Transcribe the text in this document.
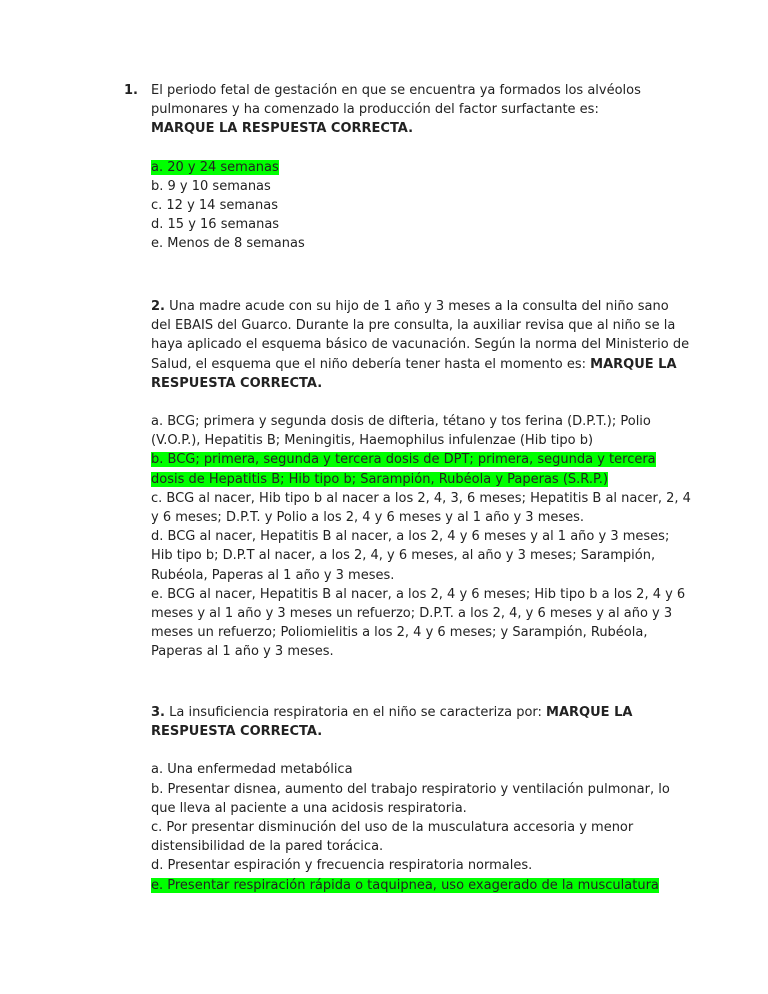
1. El periodo fetal de gestación en que se encuentra ya formados los alvéolos pulmonares y ha comenzado la producción del factor surfactante es: MARQUE LA RESPUESTA CORRECTA.

a. 20 y 24 semanas

b. 9 y 10 semanas

c. 12 y 14 semanas

d. 15 y 16 semanas

e. Menos de 8 semanas

2. Una madre acude con su hijo de 1 año y 3 meses a la consulta del niño sano del EBAIS del Guarco. Durante la pre consulta, la auxiliar revisa que al niño se la haya aplicado el esquema básico de vacunación. Según la norma del Ministerio de Salud, el esquema que el niño debería tener hasta el momento es: MARQUE LA RESPUESTA CORRECTA.

a. BCG; primera y segunda dosis de difteria, tétano y tos ferina (D.P.T.); Polio (V.O.P.), Hepatitis B; Meningitis, Haemophilus infulenzae (Hib tipo b)

b. BCG; primera, segunda y tercera dosis de DPT; primera, segunda y tercera dosis de Hepatitis B; Hib tipo b; Sarampión, Rubéola y Paperas (S.R.P.)

c. BCG al nacer, Hib tipo b al nacer a los 2, 4, 3, 6 meses; Hepatitis B al nacer, 2, 4 y 6 meses; D.P.T. y Polio a los 2, 4 y 6 meses y al 1 año y 3 meses.

d. BCG al nacer, Hepatitis B al nacer, a los 2, 4 y 6 meses y al 1 año y 3 meses; Hib tipo b; D.P.T al nacer, a los 2, 4, y 6 meses, al año y 3 meses; Sarampión, Rubéola, Paperas al 1 año y 3 meses.

e. BCG al nacer, Hepatitis B al nacer, a los 2, 4 y 6 meses; Hib tipo b a los 2, 4 y 6 meses y al 1 año y 3 meses un refuerzo; D.P.T. a los 2, 4, y 6 meses y al año y 3 meses un refuerzo; Poliomielitis a los 2, 4 y 6 meses; y Sarampión, Rubéola, Paperas al 1 año y 3 meses.

3. La insuficiencia respiratoria en el niño se caracteriza por: MARQUE LA RESPUESTA CORRECTA.

a. Una enfermedad metabólica

b. Presentar disnea, aumento del trabajo respiratorio y ventilación pulmonar, lo que lleva al paciente a una acidosis respiratoria.

c. Por presentar disminución del uso de la musculatura accesoria y menor distensibilidad de la pared torácica.

d. Presentar espiración y frecuencia respiratoria normales.

e. Presentar respiración rápida o taquipnea, uso exagerado de la musculatura
